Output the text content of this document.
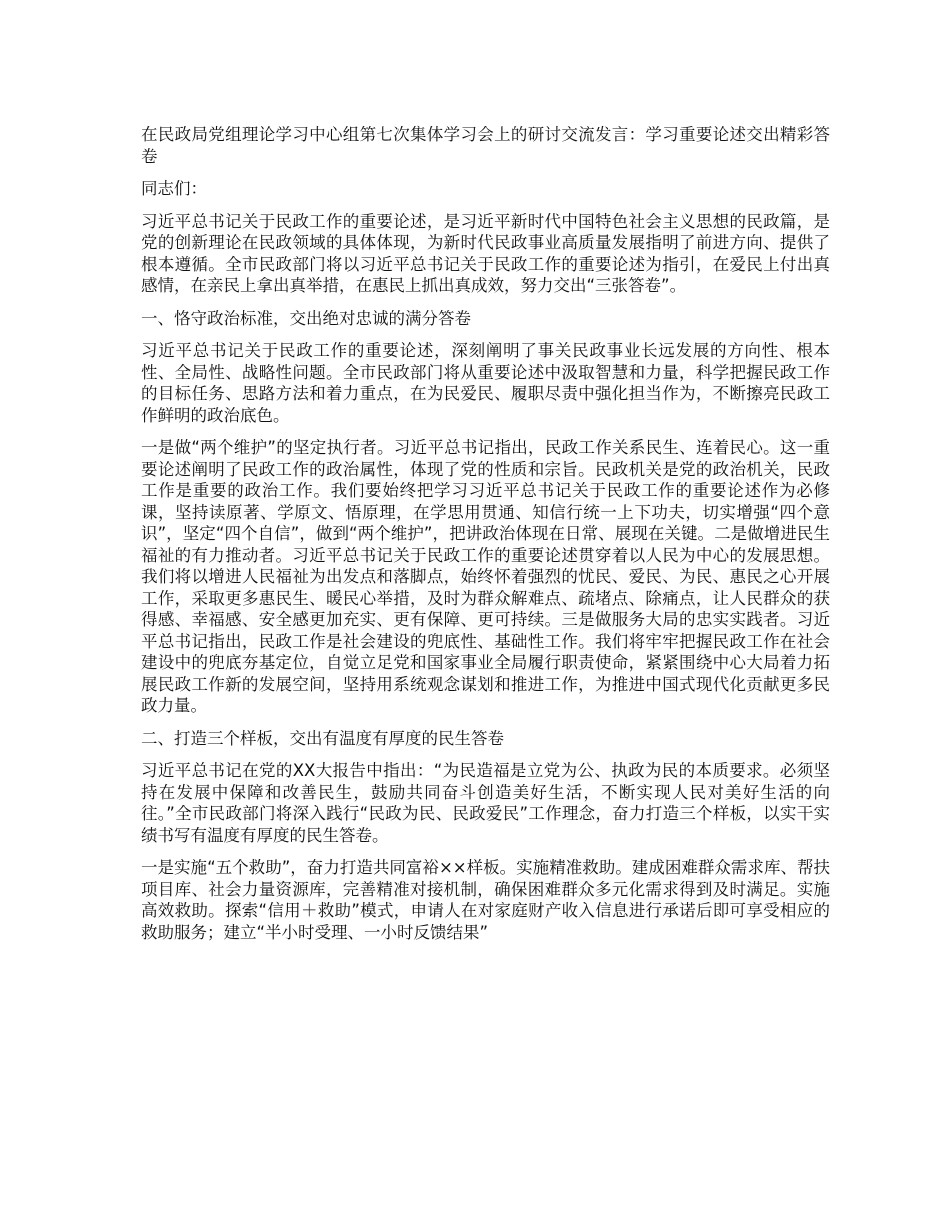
在民政局党组理论学习中心组第七次集体学习会上的研讨交流发言：学习重要论述交出精彩答卷

同志们：

习近平总书记关于民政工作的重要论述，是习近平新时代中国特色社会主义思想的民政篇，是党的创新理论在民政领域的具体体现，为新时代民政事业高质量发展指明了前进方向、提供了根本遵循。全市民政部门将以习近平总书记关于民政工作的重要论述为指引，在爱民上付出真感情，在亲民上拿出真举措，在惠民上抓出真成效，努力交出“三张答卷”。

一、恪守政治标准，交出绝对忠诚的满分答卷

习近平总书记关于民政工作的重要论述，深刻阐明了事关民政事业长远发展的方向性、根本性、全局性、战略性问题。全市民政部门将从重要论述中汲取智慧和力量，科学把握民政工作的目标任务、思路方法和着力重点，在为民爱民、履职尽责中强化担当作为，不断擦亮民政工作鲜明的政治底色。

一是做“两个维护”的坚定执行者。习近平总书记指出，民政工作关系民生、连着民心。这一重要论述阐明了民政工作的政治属性，体现了党的性质和宗旨。民政机关是党的政治机关，民政工作是重要的政治工作。我们要始终把学习习近平总书记关于民政工作的重要论述作为必修课，坚持读原著、学原文、悟原理，在学思用贯通、知信行统一上下功夫，切实增强“四个意识”，坚定“四个自信”，做到“两个维护”，把讲政治体现在日常、展现在关键。二是做增进民生福祉的有力推动者。习近平总书记关于民政工作的重要论述贯穿着以人民为中心的发展思想。我们将以增进人民福祉为出发点和落脚点，始终怀着强烈的忧民、爱民、为民、惠民之心开展工作，采取更多惠民生、暖民心举措，及时为群众解难点、疏堵点、除痛点，让人民群众的获得感、幸福感、安全感更加充实、更有保障、更可持续。三是做服务大局的忠实实践者。习近平总书记指出，民政工作是社会建设的兜底性、基础性工作。我们将牢牢把握民政工作在社会建设中的兜底夯基定位，自觉立足党和国家事业全局履行职责使命，紧紧围绕中心大局着力拓展民政工作新的发展空间，坚持用系统观念谋划和推进工作，为推进中国式现代化贡献更多民政力量。

二、打造三个样板，交出有温度有厚度的民生答卷

习近平总书记在党的XX大报告中指出：“为民造福是立党为公、执政为民的本质要求。必须坚持在发展中保障和改善民生，鼓励共同奋斗创造美好生活，不断实现人民对美好生活的向往。”全市民政部门将深入践行“民政为民、民政爱民”工作理念，奋力打造三个样板，以实干实绩书写有温度有厚度的民生答卷。

一是实施“五个救助”，奋力打造共同富裕××样板。实施精准救助。建成困难群众需求库、帮扶项目库、社会力量资源库，完善精准对接机制，确保困难群众多元化需求得到及时满足。实施高效救助。探索“信用＋救助”模式，申请人在对家庭财产收入信息进行承诺后即可享受相应的救助服务；建立“半小时受理、一小时反馈结果”
